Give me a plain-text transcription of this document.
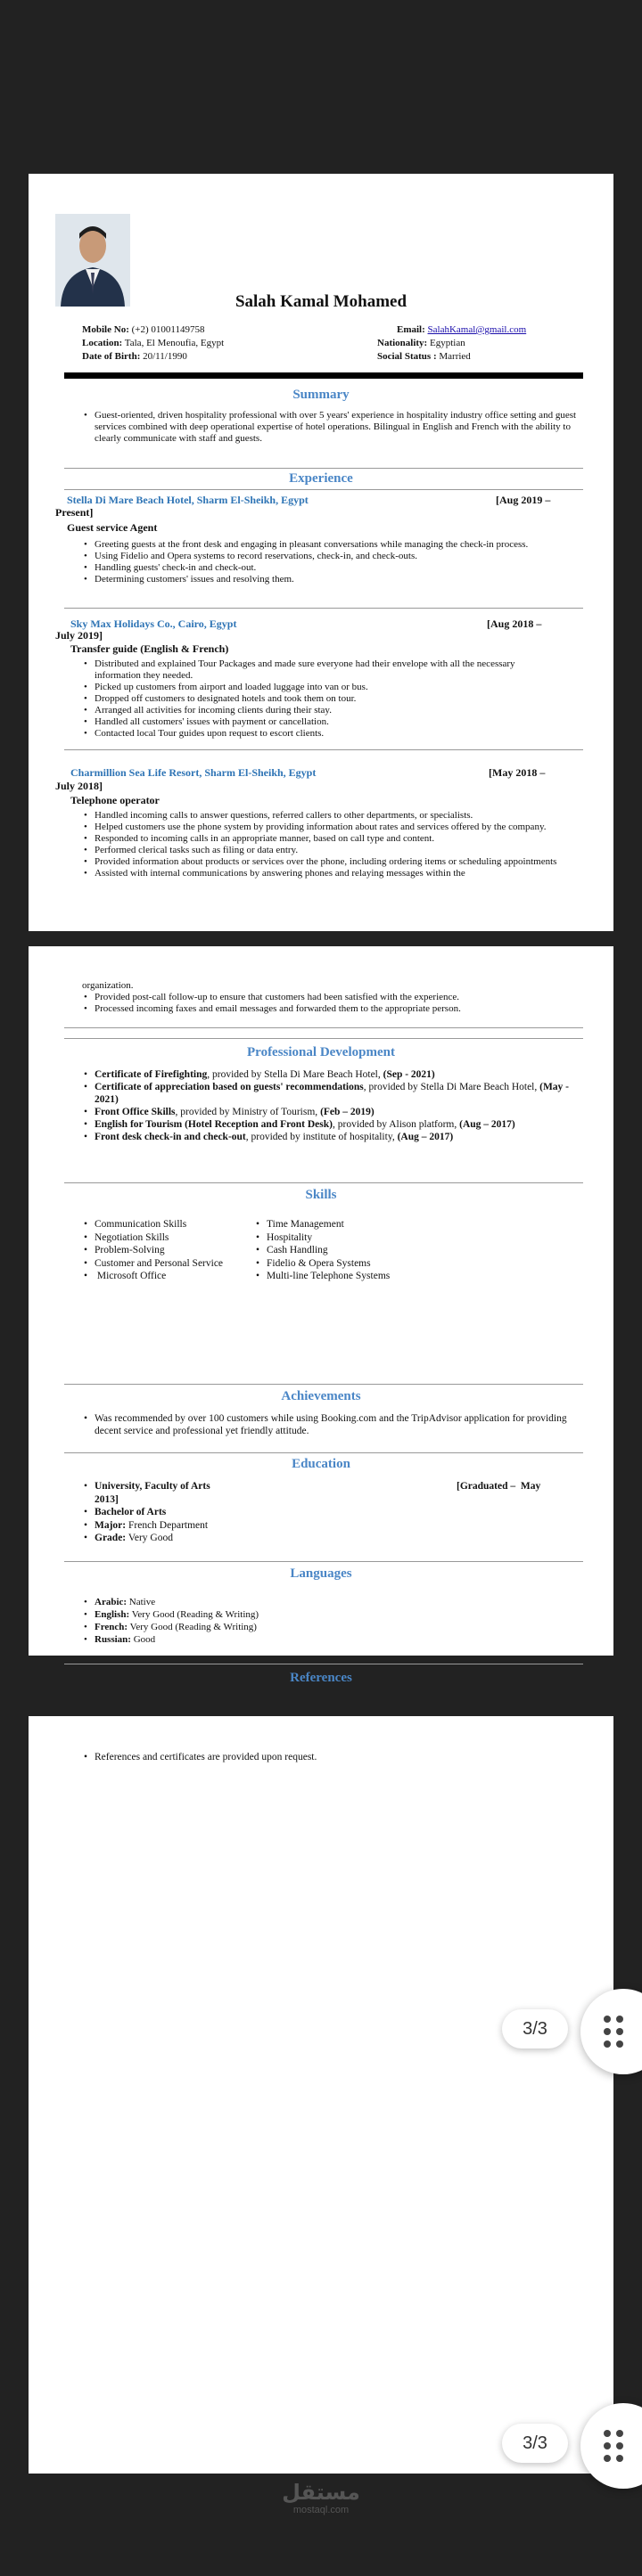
Salah Kamal Mohamed
Mobile No: (+2) 01001149758
Location: Tala, El Menoufia, Egypt
Date of Birth: 20/11/1990
Email: SalahKamal@gmail.com
Nationality: Egyptian
Social Status : Married
Summary
• Guest-oriented, driven hospitality professional with over 5 years' experience in hospitality industry office setting and guest services combined with deep operational expertise of hotel operations. Bilingual in English and French with the ability to clearly communicate with staff and guests.
Experience
Stella Di Mare Beach Hotel, Sharm El-Sheikh, Egypt	[Aug 2019 –
Present]
Guest service Agent
• Greeting guests at the front desk and engaging in pleasant conversations while managing the check-in process.
• Using Fidelio and Opera systems to record reservations, check-in, and check-outs.
• Handling guests' check-in and check-out.
• Determining customers' issues and resolving them.
Sky Max Holidays Co., Cairo, Egypt	[Aug 2018 –
July 2019]
Transfer guide (English & French)
• Distributed and explained Tour Packages and made sure everyone had their envelope with all the necessary information they needed.
• Picked up customers from airport and loaded luggage into van or bus.
• Dropped off customers to designated hotels and took them on tour.
• Arranged all activities for incoming clients during their stay.
• Handled all customers' issues with payment or cancellation.
• Contacted local Tour guides upon request to escort clients.
Charmillion Sea Life Resort, Sharm El-Sheikh, Egypt	[May 2018 –
July 2018]
Telephone operator
• Handled incoming calls to answer questions, referred callers to other departments, or specialists.
• Helped customers use the phone system by providing information about rates and services offered by the company.
• Responded to incoming calls in an appropriate manner, based on call type and content.
• Performed clerical tasks such as filing or data entry.
• Provided information about products or services over the phone, including ordering items or scheduling appointments
• Assisted with internal communications by answering phones and relaying messages within the
organization.
• Provided post-call follow-up to ensure that customers had been satisfied with the experience.
• Processed incoming faxes and email messages and forwarded them to the appropriate person.
Professional Development
• Certificate of Firefighting, provided by Stella Di Mare Beach Hotel, (Sep - 2021)
• Certificate of appreciation based on guests' recommendations, provided by Stella Di Mare Beach Hotel, (May - 2021)
• Front Office Skills, provided by Ministry of Tourism, (Feb – 2019)
• English for Tourism (Hotel Reception and Front Desk), provided by Alison platform, (Aug – 2017)
• Front desk check-in and check-out, provided by institute of hospitality, (Aug – 2017)
Skills
• Communication Skills
• Negotiation Skills
• Problem-Solving
• Customer and Personal Service
•  Microsoft Office
• Time Management
• Hospitality
• Cash Handling
• Fidelio & Opera Systems
• Multi-line Telephone Systems
Achievements
• Was recommended by over 100 customers while using Booking.com and the TripAdvisor application for providing decent service and professional yet friendly attitude.
Education
• University, Faculty of Arts	[Graduated –  May

2013]
• Bachelor of Arts
• Major: French Department
• Grade: Very Good
Languages
• Arabic: Native
• English: Very Good (Reading & Writing)
• French: Very Good (Reading & Writing)
• Russian: Good
References
• References and certificates are provided upon request.
3/3
3/3
مستقل
mostaql.com
